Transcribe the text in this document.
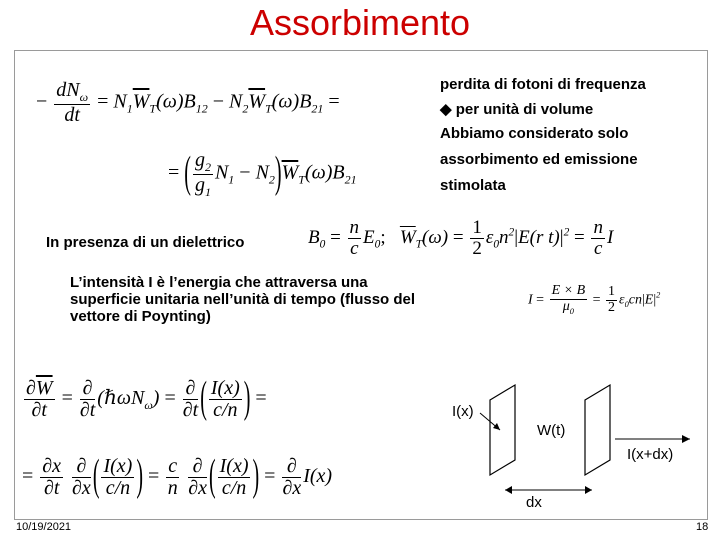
Assorbimento
− $\frac{dN_\omega}{dt} = N_1\overline{W}_T(\omega)B_{12} - N_2\overline{W}_T(\omega)B_{21}$ =
= ( $\frac{g_2}{g_1} N_1 - N_2)\overline{W}_T(\omega)B_{21}$
perdita di fotoni di frequenza
◆ per unità di volume
Abbiamo considerato solo
assorbimento ed emissione
stimolata
In presenza di un dielettrico	$B_0 = \frac{n}{c} E_0$; $\overline{W}_T(\omega) = \frac{1}{2} \varepsilon_0n^2|E(r$ $t)|^2 = \frac{n}{c}$ I
L’intensità I è l’energia che attraversa una
superficie unitaria nell’unità di tempo (flusso del
vettore di Poynting)
$I = \frac{E \times B}{\mu_0} = \frac{1}{2} \varepsilon_0cn|E|^2$
$\frac{\partial\overline{W}}{\partial t} = \frac{\partial}{\partial t}$ (ℏωN$_\omega$) = $\frac{\partial}{\partial t}$ ( $\frac{I(x)}{c/n}$ ) =
= $\frac{\partial x}{\partial t}$
$\frac{\partial}{\partial x}$ ( $\frac{I(x)}{c/n}$ ) = $\frac{c}{n}$
$\frac{\partial}{\partial x}$ ( $\frac{I(x)}{c/n}$ ) = $\frac{\partial}{\partial x} I(x)$
I(x)
W(t)
I(x+dx)
dx
10/19/2021	18
